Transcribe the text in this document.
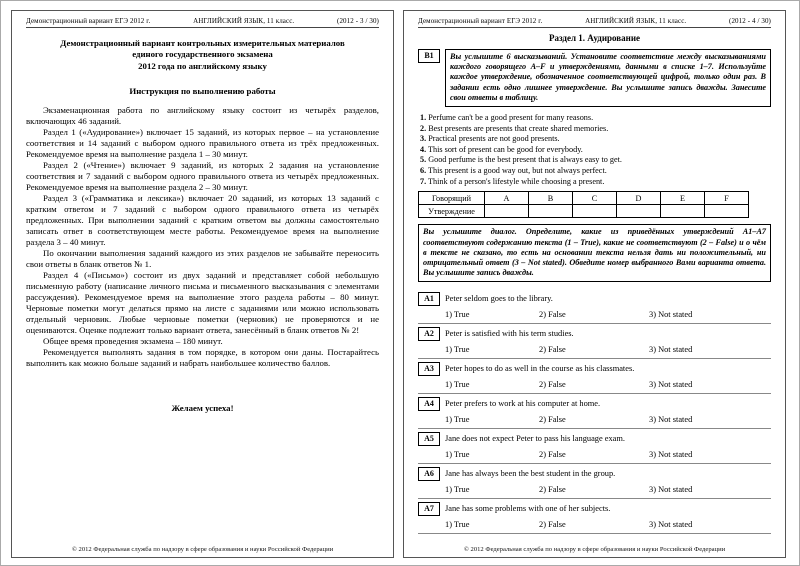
Демонстрационный вариант ЕГЭ 2012 г.	АНГЛИЙСКИЙ ЯЗЫК, 11 класс.	(2012 - 3 / 30)
Демонстрационный вариант контрольных измерительных материалов
единого государственного экзамена
2012 года по английскому языку
Инструкция по выполнению работы

Экзаменационная работа по английскому языку состоит из четырёх разделов, включающих 46 заданий.

Раздел 1 («Аудирование») включает 15 заданий, из которых первое – на установление соответствия и 14 заданий с выбором одного правильного ответа из трёх предложенных. Рекомендуемое время на выполнение раздела 1 – 30 минут.

Раздел 2 («Чтение») включает 9 заданий, из которых 2 задания на установление соответствия и 7 заданий с выбором одного правильного ответа из четырёх предложенных. Рекомендуемое время на выполнение раздела 2 – 30 минут.

Раздел 3 («Грамматика и лексика») включает 20 заданий, из которых 13 заданий с кратким ответом и 7 заданий с выбором одного правильного ответа из четырёх предложенных. При выполнении заданий с кратким ответом вы должны самостоятельно записать ответ в соответствующем месте работы. Рекомендуемое время на выполнение раздела 3 – 40 минут.

По окончании выполнения заданий каждого из этих разделов не забывайте переносить свои ответы в бланк ответов № 1.

Раздел 4 («Письмо») состоит из двух заданий и представляет собой небольшую письменную работу (написание личного письма и письменного высказывания с элементами рассуждения). Рекомендуемое время на выполнение этого раздела работы – 80 минут. Черновые пометки могут делаться прямо на листе с заданиями или можно использовать отдельный черновик. Любые черновые пометки (черновик) не проверяются и не оцениваются. Оценке подлежит только вариант ответа, занесённый в бланк ответов № 2!

Общее время проведения экзамена – 180 минут.

Рекомендуется выполнять задания в том порядке, в котором они даны. Постарайтесь выполнить как можно больше заданий и набрать наибольшее количество баллов.

Желаем успеха!
© 2012 Федеральная служба по надзору в сфере образования и науки Российской Федерации
Демонстрационный вариант ЕГЭ 2012 г.	АНГЛИЙСКИЙ ЯЗЫК, 11 класс.	(2012 - 4 / 30)
Раздел 1. Аудирование
B1	Вы услышите 6 высказываний. Установите соответствие между высказываниями каждого говорящего A–F и утверждениями, данными в списке 1–7. Используйте каждое утверждение, обозначенное соответствующей цифрой, только один раз. В задании есть одно лишнее утверждение. Вы услышите запись дважды. Занесите свои ответы в таблицу.
1. Perfume can't be a good present for many reasons.
2. Best presents are presents that create shared memories.
3. Practical presents are not good presents.
4. This sort of present can be good for everybody.
5. Good perfume is the best present that is always easy to get.
6. This present is a good way out, but not always perfect.
7. Think of a person's lifestyle while choosing a present.
Говорящий	A	B	C	D	E	F
Утверждение						
Вы услышите диалог. Определите, какие из приведённых утверждений A1–A7 соответствуют содержанию текста (1 – True), какие не соответствуют (2 – False) и о чём в тексте не сказано, то есть на основании текста нельзя дать ни положительный, ни отрицательный ответ (3 – Not stated). Обведите номер выбранного Вами варианта ответа. Вы услышите запись дважды.
A1	Peter seldom goes to the library.
1) True	2) False	3) Not stated
A2	Peter is satisfied with his term studies.
1) True	2) False	3) Not stated
A3	Peter hopes to do as well in the course as his classmates.
1) True	2) False	3) Not stated
A4	Peter prefers to work at his computer at home.
1) True	2) False	3) Not stated
A5	Jane does not expect Peter to pass his language exam.
1) True	2) False	3) Not stated
A6	Jane has always been the best student in the group.
1) True	2) False	3) Not stated
A7	Jane has some problems with one of her subjects.
1) True	2) False	3) Not stated
© 2012 Федеральная служба по надзору в сфере образования и науки Российской Федерации
